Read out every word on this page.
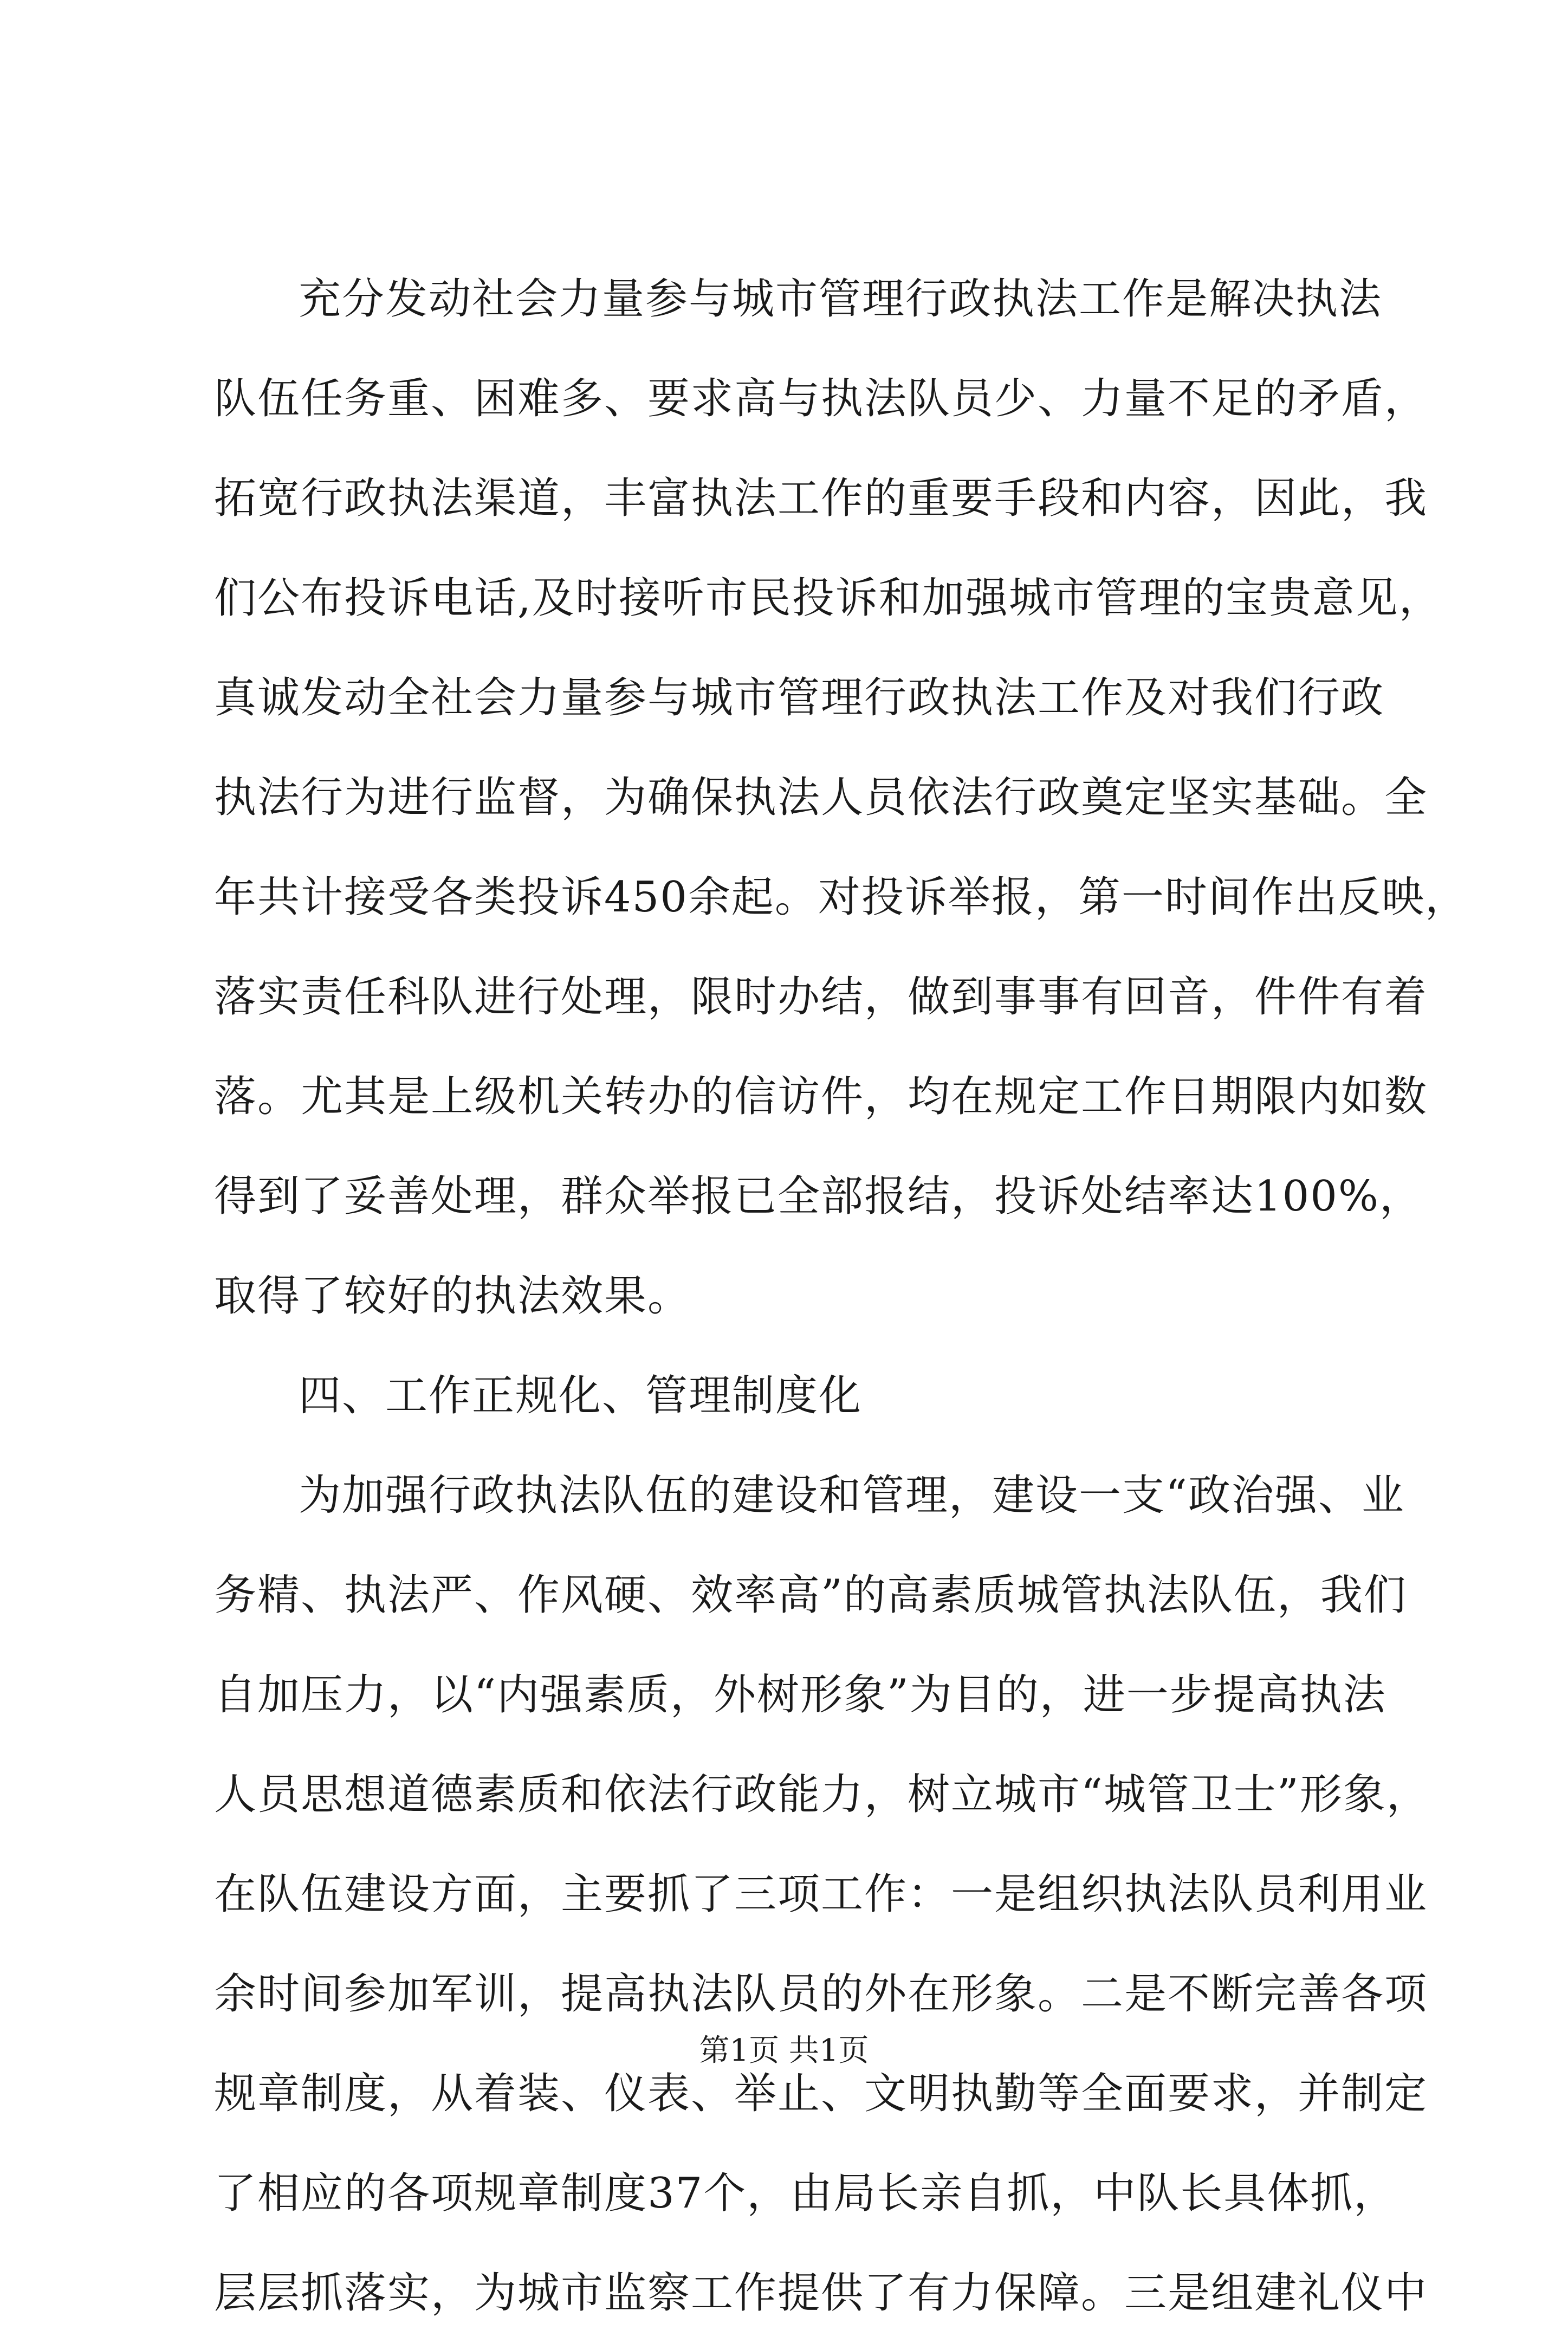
充分发动社会力量参与城市管理行政执法工作是解决执法
队伍任务重、困难多、要求高与执法队员少、力量不足的矛盾，
拓宽行政执法渠道，丰富执法工作的重要手段和内容，因此，我
们公布投诉电话,及时接听市民投诉和加强城市管理的宝贵意见，
真诚发动全社会力量参与城市管理行政执法工作及对我们行政
执法行为进行监督，为确保执法人员依法行政奠定坚实基础。全
年共计接受各类投诉450余起。对投诉举报，第一时间作出反映，
落实责任科队进行处理，限时办结，做到事事有回音，件件有着
落。尤其是上级机关转办的信访件，均在规定工作日期限内如数
得到了妥善处理，群众举报已全部报结，投诉处结率达100%，
取得了较好的执法效果。
四、工作正规化、管理制度化
为加强行政执法队伍的建设和管理，建设一支“政治强、业
务精、执法严、作风硬、效率高”的高素质城管执法队伍，我们
自加压力，以“内强素质，外树形象”为目的，进一步提高执法
人员思想道德素质和依法行政能力，树立城市“城管卫士”形象，
在队伍建设方面，主要抓了三项工作：一是组织执法队员利用业
余时间参加军训，提高执法队员的外在形象。二是不断完善各项
规章制度，从着装、仪表、举止、文明执勤等全面要求，并制定
了相应的各项规章制度37个，由局长亲自抓，中队长具体抓，
层层抓落实，为城市监察工作提供了有力保障。三是组建礼仪中
第1页 共1页
